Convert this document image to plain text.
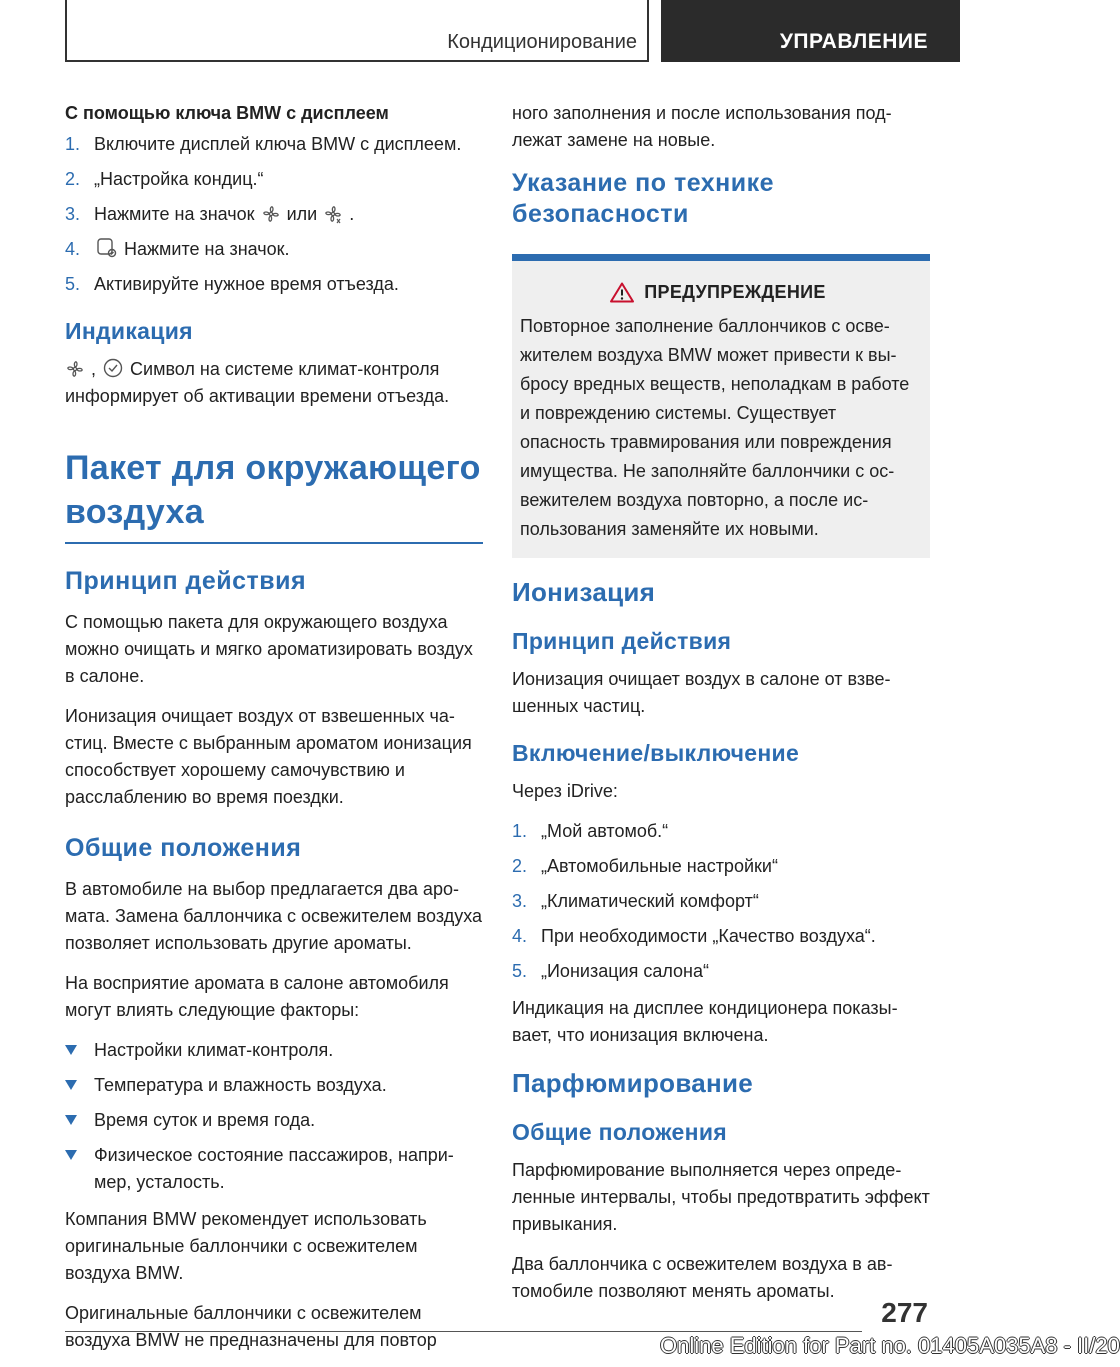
Кондиционирование	УПРАВЛЕНИЕ
С помощью ключа BMW с дисплеем
1. Включите дисплей ключа BMW с дисплеем.
2. „Настройка кондиц.“
3. Нажмите на значок или .
4. Нажмите на значок.
5. Активируйте нужное время отъезда.
Индикация

, Символ на системе климат-контроля информирует об активации времени отъезда.

Пакет для окружающего воздуха
Принцип действия

С помощью пакета для окружающего воздуха можно очищать и мягко ароматизировать воздух в салоне.

Ионизация очищает воздух от взвешенных частиц. Вместе с выбранным ароматом ионизация способствует хорошему самочувствию и расслаблению во время поездки.

Общие положения

В автомобиле на выбор предлагается два аромата. Замена баллончика с освежителем воздуха позволяет использовать другие ароматы.

На восприятие аромата в салоне автомобиля могут влиять следующие факторы:

Настройки климат-контроля.
Температура и влажность воздуха.
Время суток и время года.
Физическое состояние пассажиров, например, усталость.

Компания BMW рекомендует использовать оригинальные баллончики с освежителем воздуха BMW.

Оригинальные баллончики с освежителем воздуха BMW не предназначены для повтор

ного заполнения и после использования подлежат замене на новые.

Указание по технике безопасности
ПРЕДУПРЕЖДЕНИЕ

Повторное заполнение баллончиков с освежителем воздуха BMW может привести к выбросу вредных веществ, неполадкам в работе и повреждению системы. Существует опасность травмирования или повреждения имущества. Не заполняйте баллончики с освежителем воздуха повторно, а после использования заменяйте их новыми.

Ионизация
Принцип действия

Ионизация очищает воздух в салоне от взвешенных частиц.

Включение/выключение

Через iDrive:

1. „Мой автомоб.“
2. „Автомобильные настройки“
3. „Климатический комфорт“
4. При необходимости „Качество воздуха“.
5. „Ионизация салона“

Индикация на дисплее кондиционера показывает, что ионизация включена.

Парфюмирование
Общие положения

Парфюмирование выполняется через определенные интервалы, чтобы предотвратить эффект привыкания.

Два баллончика с освежителем воздуха в автомобиле позволяют менять ароматы.

277
Online Edition for Part no. 01405A035A8 - II/20
